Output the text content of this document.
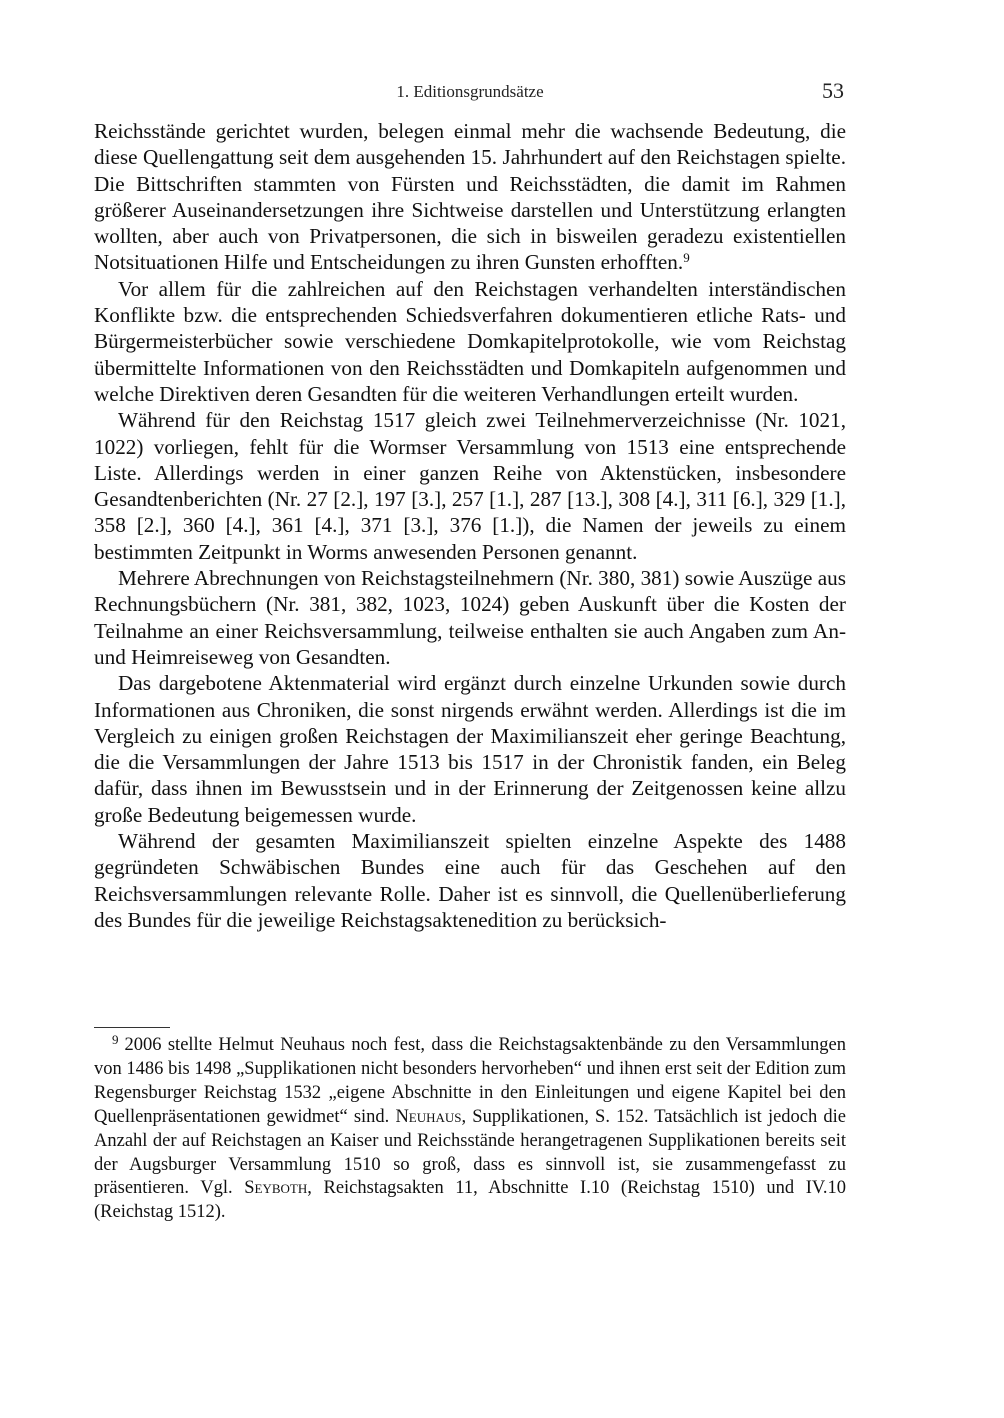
1. Editionsgrundsätze	53

Reichsstände gerichtet wurden, belegen einmal mehr die wachsende Bedeutung, die diese Quellengattung seit dem ausgehenden 15. Jahrhundert auf den Reichstagen spielte. Die Bittschriften stammten von Fürsten und Reichsstädten, die damit im Rahmen größerer Auseinandersetzungen ihre Sichtweise darstellen und Unterstützung erlangten wollten, aber auch von Privatpersonen, die sich in bisweilen geradezu existentiellen Notsituationen Hilfe und Entscheidungen zu ihren Gunsten erhofften.$^9$

Vor allem für die zahlreichen auf den Reichstagen verhandelten interständischen Konflikte bzw. die entsprechenden Schiedsverfahren dokumentieren etliche Rats- und Bürgermeisterbücher sowie verschiedene Domkapitelprotokolle, wie vom Reichstag übermittelte Informationen von den Reichsstädten und Domkapiteln aufgenommen und welche Direktiven deren Gesandten für die weiteren Verhandlungen erteilt wurden.

Während für den Reichstag 1517 gleich zwei Teilnehmerverzeichnisse (Nr. 1021, 1022) vorliegen, fehlt für die Wormser Versammlung von 1513 eine entsprechende Liste. Allerdings werden in einer ganzen Reihe von Aktenstücken, insbesondere Gesandtenberichten (Nr. 27 [2.], 197 [3.], 257 [1.], 287 [13.], 308 [4.], 311 [6.], 329 [1.], 358 [2.], 360 [4.], 361 [4.], 371 [3.], 376 [1.]), die Namen der jeweils zu einem bestimmten Zeitpunkt in Worms anwesenden Personen genannt.

Mehrere Abrechnungen von Reichstagsteilnehmern (Nr. 380, 381) sowie Auszüge aus Rechnungsbüchern (Nr. 381, 382, 1023, 1024) geben Auskunft über die Kosten der Teilnahme an einer Reichsversammlung, teilweise enthalten sie auch Angaben zum An- und Heimreiseweg von Gesandten.

Das dargebotene Aktenmaterial wird ergänzt durch einzelne Urkunden sowie durch Informationen aus Chroniken, die sonst nirgends erwähnt werden. Allerdings ist die im Vergleich zu einigen großen Reichstagen der Maximilianszeit eher geringe Beachtung, die die Versammlungen der Jahre 1513 bis 1517 in der Chronistik fanden, ein Beleg dafür, dass ihnen im Bewusstsein und in der Erinnerung der Zeitgenossen keine allzu große Bedeutung beigemessen wurde.

Während der gesamten Maximilianszeit spielten einzelne Aspekte des 1488 gegründeten Schwäbischen Bundes eine auch für das Geschehen auf den Reichsversammlungen relevante Rolle. Daher ist es sinnvoll, die Quellenüberlieferung des Bundes für die jeweilige Reichstagsaktenedition zu berücksich-

$^9$ 2006 stellte Helmut Neuhaus noch fest, dass die Reichstagsaktenbände zu den Versammlungen von 1486 bis 1498 „Supplikationen nicht besonders hervorheben“ und ihnen erst seit der Edition zum Regensburger Reichstag 1532 „eigene Abschnitte in den Einleitungen und eigene Kapitel bei den Quellenpräsentationen gewidmet“ sind. Neuhaus, Supplikationen, S. 152. Tatsächlich ist jedoch die Anzahl der auf Reichstagen an Kaiser und Reichsstände herangetragenen Supplikationen bereits seit der Augsburger Versammlung 1510 so groß, dass es sinnvoll ist, sie zusammengefasst zu präsentieren. Vgl. Seyboth, Reichstagsakten 11, Abschnitte I.10 (Reichstag 1510) und IV.10 (Reichstag 1512).
